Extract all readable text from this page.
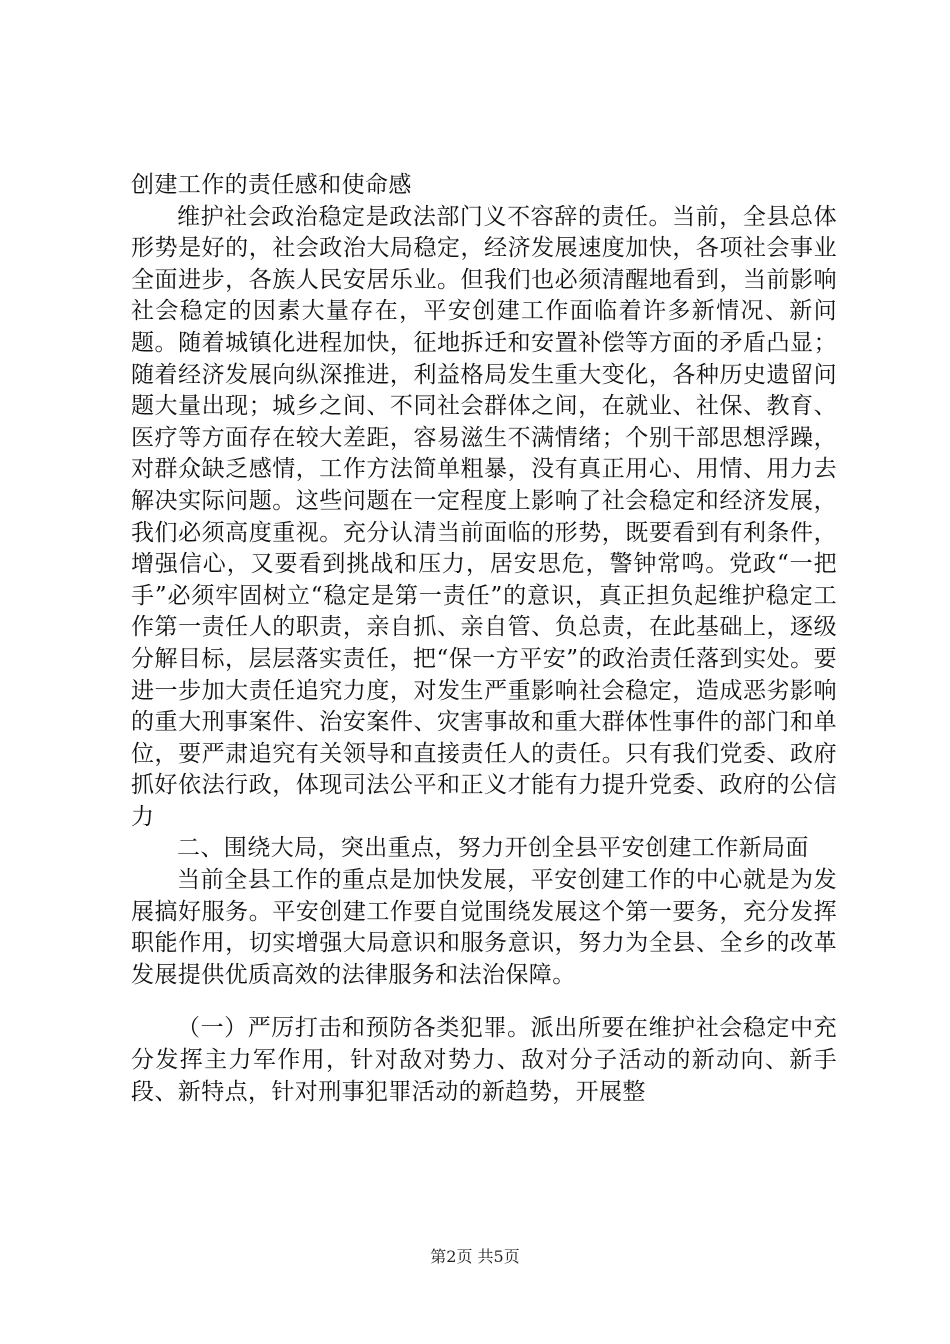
创建工作的责任感和使命感

维护社会政治稳定是政法部门义不容辞的责任。当前，全县总体形势是好的，社会政治大局稳定，经济发展速度加快，各项社会事业全面进步，各族人民安居乐业。但我们也必须清醒地看到，当前影响社会稳定的因素大量存在，平安创建工作面临着许多新情况、新问题。随着城镇化进程加快，征地拆迁和安置补偿等方面的矛盾凸显；随着经济发展向纵深推进，利益格局发生重大变化，各种历史遗留问题大量出现；城乡之间、不同社会群体之间，在就业、社保、教育、医疗等方面存在较大差距，容易滋生不满情绪；个别干部思想浮躁，对群众缺乏感情，工作方法简单粗暴，没有真正用心、用情、用力去解决实际问题。这些问题在一定程度上影响了社会稳定和经济发展，我们必须高度重视。充分认清当前面临的形势，既要看到有利条件，增强信心，又要看到挑战和压力，居安思危，警钟常鸣。党政“一把手”必须牢固树立“稳定是第一责任”的意识，真正担负起维护稳定工作第一责任人的职责，亲自抓、亲自管、负总责，在此基础上，逐级分解目标，层层落实责任，把“保一方平安”的政治责任落到实处。要进一步加大责任追究力度，对发生严重影响社会稳定，造成恶劣影响的重大刑事案件、治安案件、灾害事故和重大群体性事件的部门和单位，要严肃追究有关领导和直接责任人的责任。只有我们党委、政府抓好依法行政，体现司法公平和正义才能有力提升党委、政府的公信力

二、围绕大局，突出重点，努力开创全县平安创建工作新局面

当前全县工作的重点是加快发展，平安创建工作的中心就是为发展搞好服务。平安创建工作要自觉围绕发展这个第一要务，充分发挥职能作用，切实增强大局意识和服务意识，努力为全县、全乡的改革发展提供优质高效的法律服务和法治保障。

（一）严厉打击和预防各类犯罪。派出所要在维护社会稳定中充分发挥主力军作用，针对敌对势力、敌对分子活动的新动向、新手段、新特点，针对刑事犯罪活动的新趋势，开展整

第2页 共5页
